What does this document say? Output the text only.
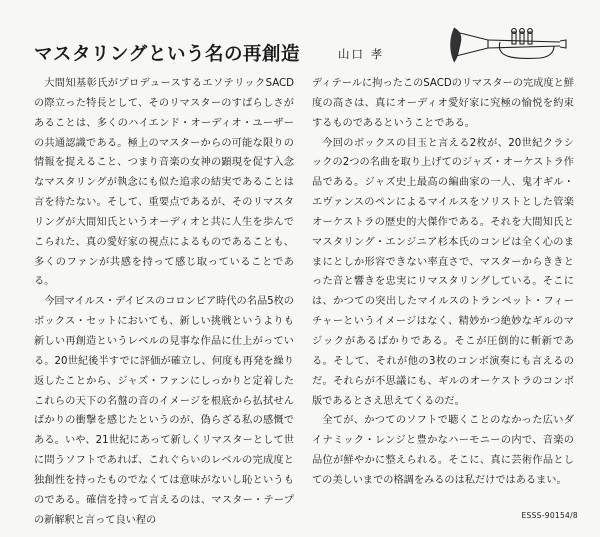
マスタリングという名の再創造	山口 孝

大間知基彰氏がプロデュースするエソテリックSACDの際立った特長として、そのリマスターのすばらしさがあることは、多くのハイエンド・オーディオ・ユーザーの共通認識である。極上のマスターからの可能な限りの情報を捉えること、つまり音楽の女神の顕現を促す入念なマスタリングが執念にも似た追求の結実であることは言を待たない。そして、重要点であるが、そのリマスタリングが大間知氏というオーディオと共に人生を歩んでこられた、真の愛好家の視点によるものであることも、多くのファンが共感を持って感じ取っていることである。

今回マイルス・デイビスのコロンビア時代の名品5枚のボックス・セットにおいても、新しい挑戦というよりも新しい再創造というレベルの見事な作品に仕上がっている。20世紀後半すでに評価が確立し、何度も再発を繰り返したことから、ジャズ・ファンにしっかりと定着したこれらの天下の名盤の音のイメージを根底から払拭せんばかりの衝撃を感じたというのが、偽らざる私の感慨である。いや、21世紀にあって新しくリマスターとして世に問うソフトであれば、これぐらいのレベルの完成度と独創性を持ったものでなくては意味がないし恥というものである。確信を持って言えるのは、マスター・テープの新解釈と言って良い程の

ディテールに拘ったこのSACDのリマスターの完成度と鮮度の高さは、真にオーディオ愛好家に究極の愉悦を約束するものであるということである。

今回のボックスの目玉と言える2枚が、20世紀クラシックの2つの名曲を取り上げてのジャズ・オーケストラ作品である。ジャズ史上最高の編曲家の一人、鬼才ギル・エヴァンスのペンによるマイルスをソリストとした管楽オーケストラの歴史的大傑作である。それを大間知氏とマスタリング・エンジニア杉本氏のコンビは全く心のままにとしか形容できない率直さで、マスターからききとった音と響きを忠実にリマスタリングしている。そこには、かつての突出したマイルスのトランペット・フィーチャーというイメージはなく、精妙かつ絶妙なギルのマジックがあるばかりである。そこが圧倒的に斬新である。そして、それが他の3枚のコンボ演奏にも言えるのだ。それらが不思議にも、ギルのオーケストラのコンボ版であるとさえ思えてくるのだ。

全てが、かつてのソフトで聴くことのなかった広いダイナミック・レンジと豊かなハーモニーの内で、音楽の品位が鮮やかに整えられる。そこに、真に芸術作品としての美しいまでの格調をみるのは私だけではあるまい。

ESSS-90154/8
